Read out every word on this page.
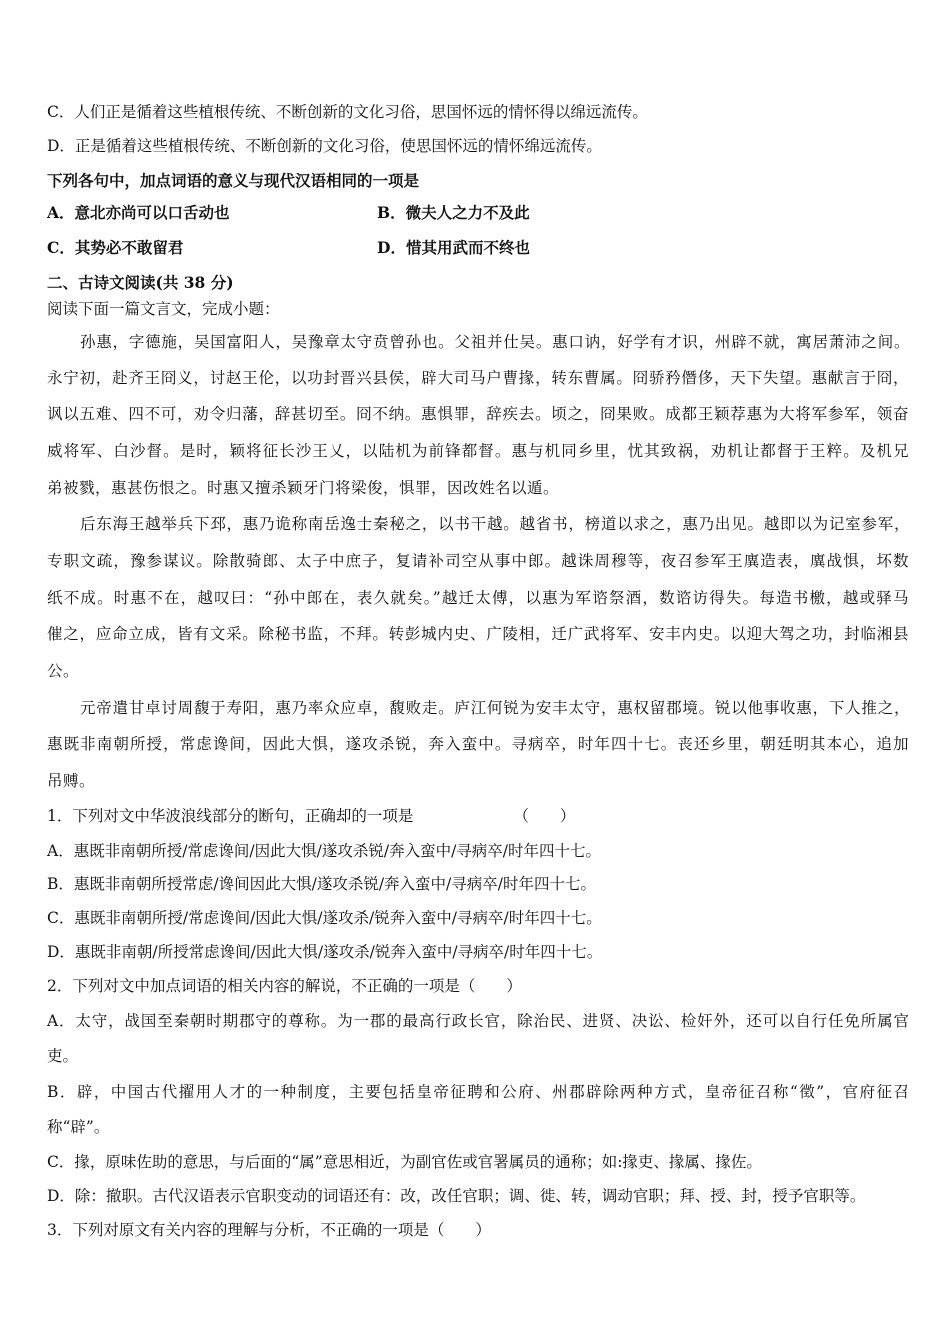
C．人们正是循着这些植根传统、不断创新的文化习俗，思国怀远的情怀得以绵远流传。
D．正是循着这些植根传统、不断创新的文化习俗，使思国怀远的情怀绵远流传。
下列各句中，加点词语的意义与现代汉语相同的一项是
A．意北亦尚可以口舌动也	B．微夫人之力不及此
C．其势必不敢留君	D．惜其用武而不终也
二、古诗文阅读(共 38 分)
阅读下面一篇文言文，完成小题：
孙惠，字德施，吴国富阳人，吴豫章太守贲曾孙也。父祖并仕吴。惠口讷，好学有才识，州辟不就，寓居萧沛之间。
永宁初，赴齐王冏义，讨赵王伦，以功封晋兴县侯，辟大司马户曹掾，转东曹属。冏骄矜僭侈，天下失望。惠献言于冏，
讽以五难、四不可，劝令归藩，辞甚切至。冏不纳。惠惧罪，辞疾去。顷之，冏果败。成都王颖荐惠为大将军参军，领奋
威将军、白沙督。是时，颖将征长沙王乂，以陆机为前锋都督。惠与机同乡里，忧其致祸，劝机让都督于王粹。及机兄
弟被戮，惠甚伤恨之。时惠又擅杀颖牙门将梁俊，惧罪，因改姓名以遁。
后东海王越举兵下邳，惠乃诡称南岳逸士秦秘之，以书干越。越省书，榜道以求之，惠乃出见。越即以为记室参军，
专职文疏，豫参谋议。除散骑郎、太子中庶子，复请补司空从事中郎。越诛周穆等，夜召参军王廙造表，廙战惧，坏数
纸不成。时惠不在，越叹曰：“孙中郎在，表久就矣。”越迁太傅，以惠为军谘祭酒，数谘访得失。每造书檄，越或驿马
催之，应命立成，皆有文采。除秘书监，不拜。转彭城内史、广陵相，迁广武将军、安丰内史。以迎大驾之功，封临湘县
公。
元帝遣甘卓讨周馥于寿阳，惠乃率众应卓，馥败走。庐江何锐为安丰太守，惠权留郡境。锐以他事收惠，下人推之，
惠既非南朝所授，常虑谗间，因此大惧，遂攻杀锐，奔入蛮中。寻病卒，时年四十七。丧还乡里，朝廷明其本心，追加
吊赙。
1．下列对文中华波浪线部分的断句，正确却的一项是	（　　）
A．惠既非南朝所授/常虑谗间/因此大惧/遂攻杀锐/奔入蛮中/寻病卒/时年四十七。
B．惠既非南朝所授常虑/谗间因此大惧/遂攻杀锐/奔入蛮中/寻病卒/时年四十七。
C．惠既非南朝所授/常虑谗间/因此大惧/遂攻杀/锐奔入蛮中/寻病卒/时年四十七。
D．惠既非南朝/所授常虑谗间/因此大惧/遂攻杀/锐奔入蛮中/寻病卒/时年四十七。
2．下列对文中加点词语的相关内容的解说，不正确的一项是（　　）
A．太守，战国至秦朝时期郡守的尊称。为一郡的最高行政长官，除治民、进贤、决讼、检奸外，还可以自行任免所属官
吏。
B．辟，中国古代擢用人才的一种制度，主要包括皇帝征聘和公府、州郡辟除两种方式，皇帝征召称“徵”，官府征召
称“辟”。
C．掾，原味佐助的意思，与后面的“属”意思相近，为副官佐或官署属员的通称；如:掾吏、掾属、掾佐。
D．除：撤职。古代汉语表示官职变动的词语还有：改，改任官职；调、徙、转，调动官职；拜、授、封，授予官职等。
3．下列对原文有关内容的理解与分析，不正确的一项是（　　）
